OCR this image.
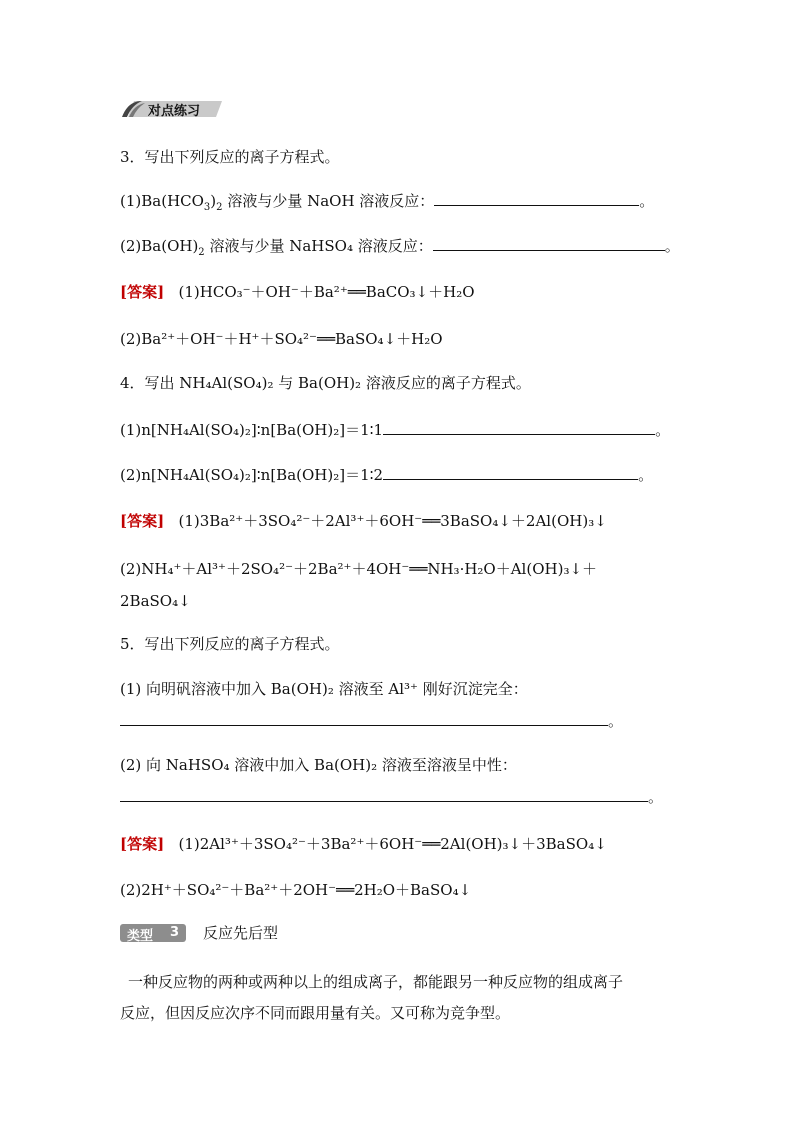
对点练习
3．写出下列反应的离子方程式。
$(1)Ba(HCO_3)_2$ 溶液与少量 NaOH 溶液反应：	。
$(2)Ba(OH)_2$ 溶液与少量 NaHSO₄ 溶液反应：	。
[答案] (1)HCO₃⁻＋OH⁻＋Ba²⁺══BaCO₃↓＋H₂O
(2)Ba²⁺＋OH⁻＋H⁺＋SO₄²⁻══BaSO₄↓＋H₂O
4．写出 NH₄Al(SO₄)₂ 与 Ba(OH)₂ 溶液反应的离子方程式。
(1)n[NH₄Al(SO₄)₂]∶n[Ba(OH)₂]＝1∶1	。
(2)n[NH₄Al(SO₄)₂]∶n[Ba(OH)₂]＝1∶2	。
[答案] (1)3Ba²⁺＋3SO₄²⁻＋2Al³⁺＋6OH⁻══3BaSO₄↓＋2Al(OH)₃↓
(2)NH₄⁺＋Al³⁺＋2SO₄²⁻＋2Ba²⁺＋4OH⁻══NH₃·H₂O＋Al(OH)₃↓＋
2BaSO₄↓
5．写出下列反应的离子方程式。
(1) 向明矾溶液中加入 Ba(OH)₂ 溶液至 Al³⁺ 刚好沉淀完全：
。
(2) 向 NaHSO₄ 溶液中加入 Ba(OH)₂ 溶液至溶液呈中性：
。
[答案] (1)2Al³⁺＋3SO₄²⁻＋3Ba²⁺＋6OH⁻══2Al(OH)₃↓＋3BaSO₄↓
(2)2H⁺＋SO₄²⁻＋Ba²⁺＋2OH⁻══2H₂O＋BaSO₄↓
类型 3 反应先后型
一种反应物的两种或两种以上的组成离子，都能跟另一种反应物的组成离子
反应，但因反应次序不同而跟用量有关。又可称为竞争型。
